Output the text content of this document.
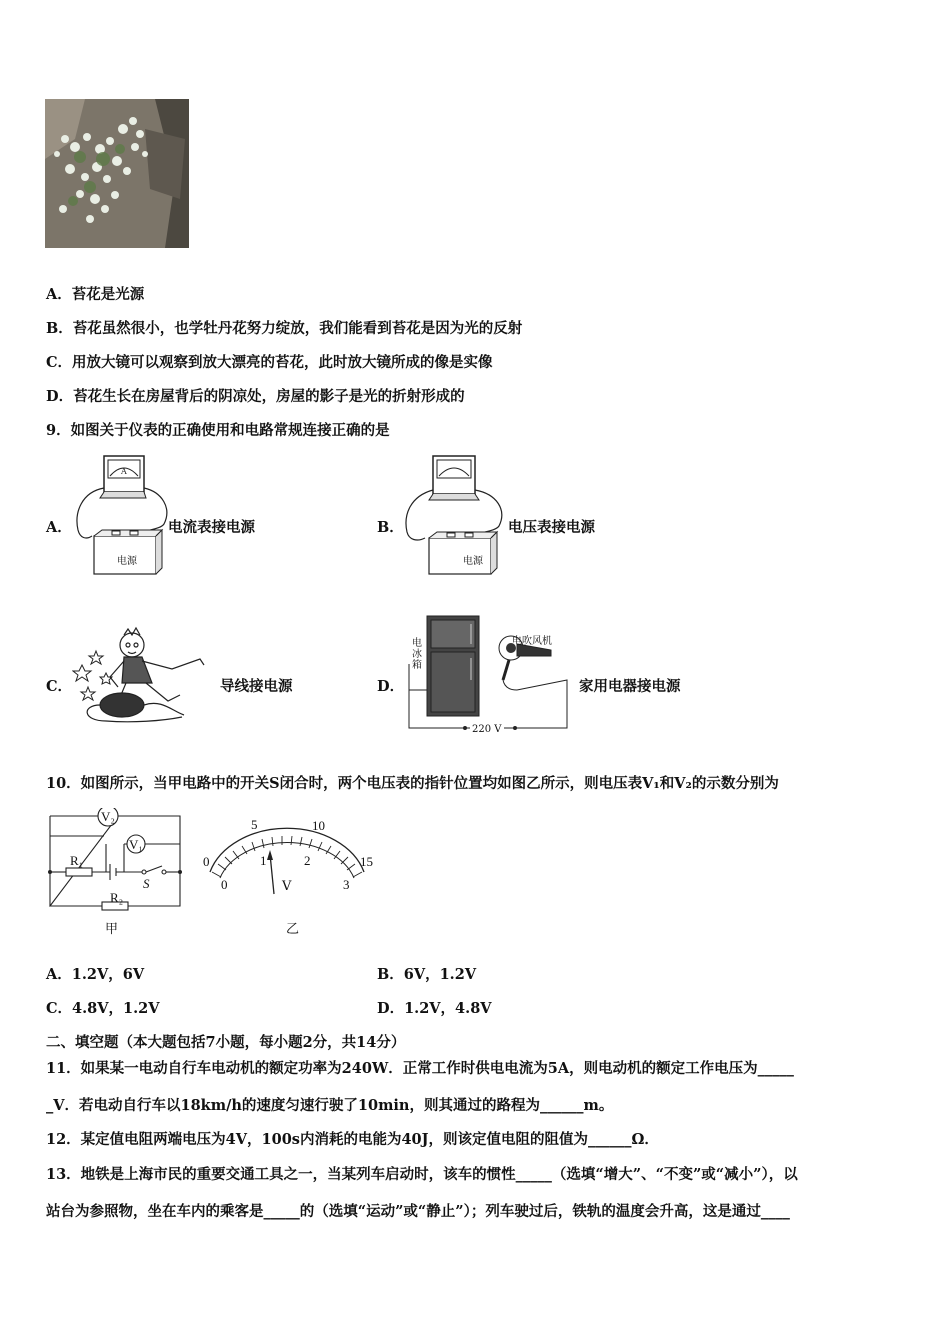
A．苔花是光源
B．苔花虽然很小，也学牡丹花努力绽放，我们能看到苔花是因为光的反射
C．用放大镜可以观察到放大漂亮的苔花，此时放大镜所成的像是实像
D．苔花生长在房屋背后的阴凉处，房屋的影子是光的折射形成的
9．如图关于仪表的正确使用和电路常规连接正确的是
A．
A
电源
电流表接电源	B．
电源
电压表接电源
C．	导线接电源	D．
电冰箱
电吹风机
220 V
家用电器接电源
10．如图所示，当甲电路中的开关S闭合时，两个电压表的指针位置均如图乙所示，则电压表V₁和V₂的示数分别为
V₂
V₁
R₁
R₂
S
甲
0
5	10
15
0
1	2
3
V
乙
A．1.2V，6V	B．6V，1.2V
C．4.8V，1.2V	D．1.2V，4.8V
二、填空题（本大题包括7小题，每小题2分，共14分）
11．如果某一电动自行车电动机的额定功率为240W．正常工作时供电电流为5A，则电动机的额定工作电压为_____
_V．若电动自行车以18km/h的速度匀速行驶了10min，则其通过的路程为______m。
12．某定值电阻两端电压为4V，100s内消耗的电能为40J，则该定值电阻的阻值为______Ω．
13．地铁是上海市民的重要交通工具之一，当某列车启动时，该车的惯性_____（选填“增大”、“不变”或“减小”），以
站台为参照物，坐在车内的乘客是_____的（选填“运动”或“静止”）；列车驶过后，铁轨的温度会升高，这是通过____
